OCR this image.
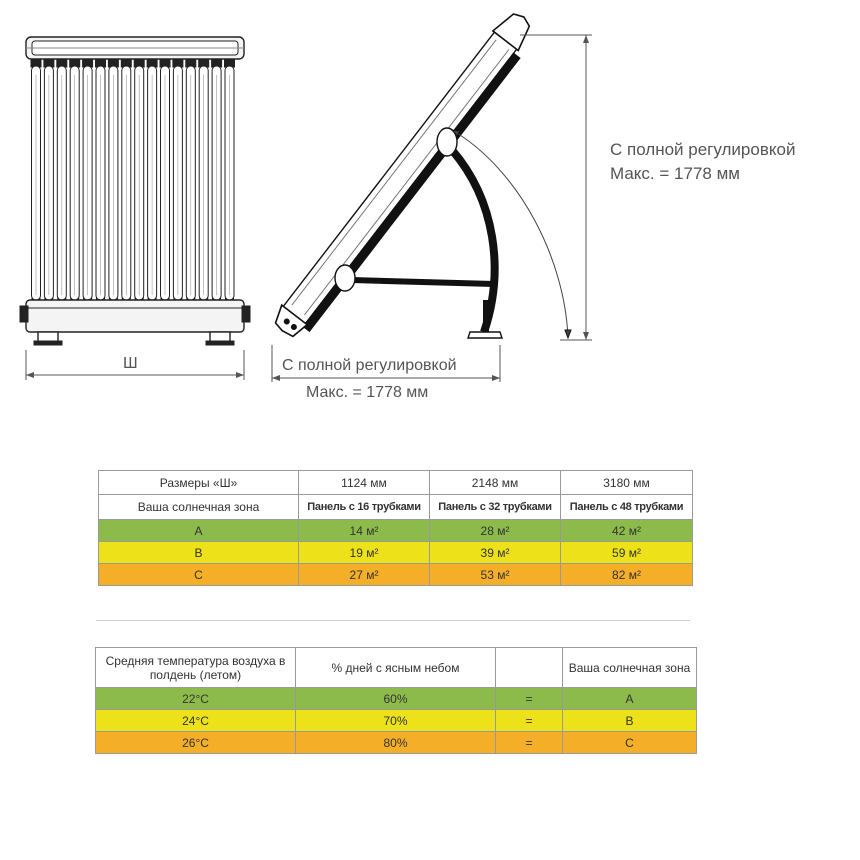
Ш
С полной регулировкой
Макс. = 1778 мм
С полной регулировкой
Макс. = 1778 мм
Размеры «Ш»	1124 мм	2148 мм	3180 мм
Ваша солнечная зона	Панель с 16 трубками	Панель с 32 трубками	Панель с 48 трубками
A	14 м²	28 м²	42 м²
B	19 м²	39 м²	59 м²
C	27 м²	53 м²	82 м²
Средняя температура воздуха в полдень (летом)	% дней с ясным небом		Ваша солнечная зона
22°C	60%	=	A
24°C	70%	=	B
26°C	80%	=	C
